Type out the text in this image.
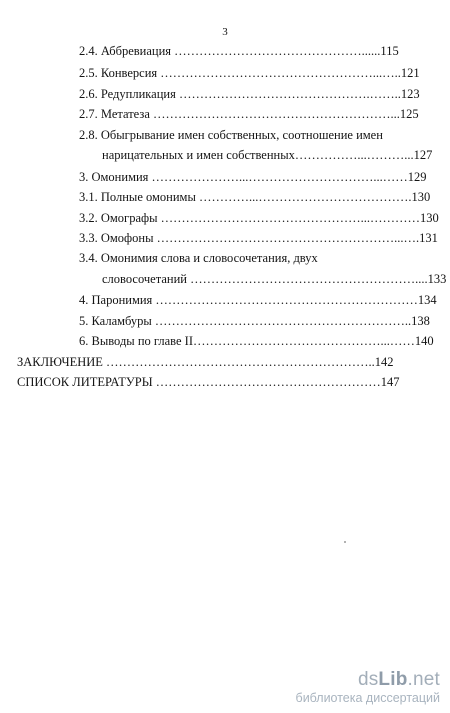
3
2.4. Аббревиация ………………………………………......115
2.5. Конверсия ……………………………………………...…..121
2.6. Редупликация ……………………………………….……..123
2.7. Метатеза …………………………………………………...125
2.8. Обыгрывание имен собственных, соотношение имен
нарицательных и имен собственных……………...………...127
3. Омонимия …………………...…………………………...……129
3.1. Полные омонимы …………...……………………………….130
3.2. Омографы …………………………………………...…………130
3.3. Омофоны …………………………………………………...….131
3.4. Омонимия слова и словосочетания, двух
словосочетаний ………………………………………………....133
4. Паронимия ………………………………………………………134
5. Каламбуры ……………………………………………………..138
6. Выводы по главе II………………………………………...……140
ЗАКЛЮЧЕНИЕ ………………………………………………………..142
СПИСОК ЛИТЕРАТУРЫ ………………………………………………147
dsLib.net
библиотека диссертаций
